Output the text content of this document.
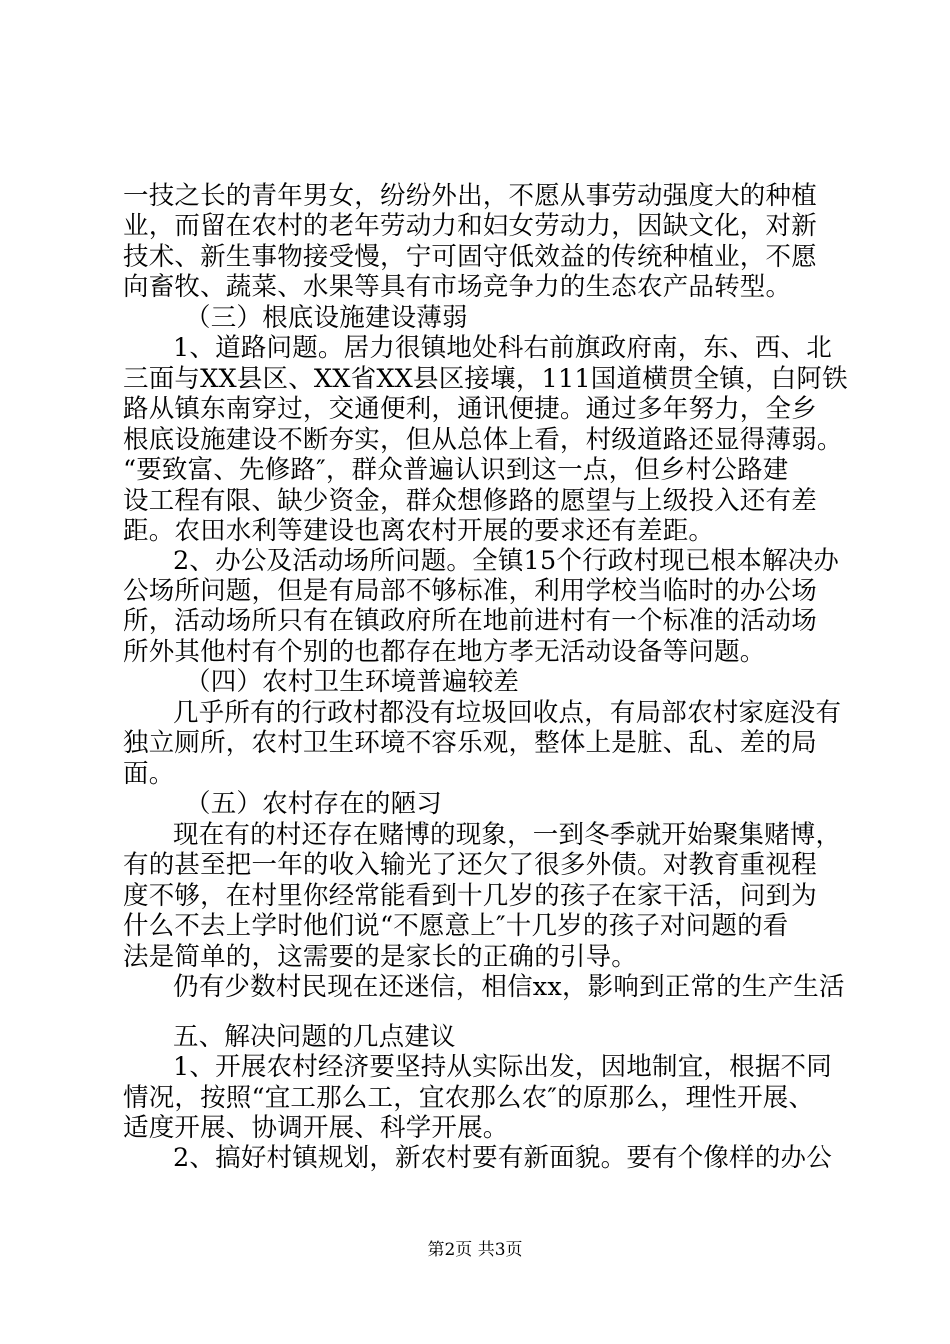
一技之长的青年男女，纷纷外出，不愿从事劳动强度大的种植
业，而留在农村的老年劳动力和妇女劳动力，因缺文化，对新
技术、新生事物接受慢，宁可固守低效益的传统种植业，不愿
向畜牧、蔬菜、水果等具有市场竞争力的生态农产品转型。
（三）根底设施建设薄弱
1、道路问题。居力很镇地处科右前旗政府南，东、西、北
三面与XX县区、XX省XX县区接壤，111国道横贯全镇，白阿铁
路从镇东南穿过，交通便利，通讯便捷。通过多年努力，全乡
根底设施建设不断夯实，但从总体上看，村级道路还显得薄弱。
“要致富、先修路″，群众普遍认识到这一点，但乡村公路建
设工程有限、缺少资金，群众想修路的愿望与上级投入还有差
距。农田水利等建设也离农村开展的要求还有差距。
2、办公及活动场所问题。全镇15个行政村现已根本解决办
公场所问题，但是有局部不够标准，利用学校当临时的办公场
所，活动场所只有在镇政府所在地前进村有一个标准的活动场
所外其他村有个别的也都存在地方孝无活动设备等问题。
（四）农村卫生环境普遍较差
几乎所有的行政村都没有垃圾回收点，有局部农村家庭没有
独立厕所，农村卫生环境不容乐观，整体上是脏、乱、差的局
面。
（五）农村存在的陋习
现在有的村还存在赌博的现象，一到冬季就开始聚集赌博，
有的甚至把一年的收入输光了还欠了很多外债。对教育重视程
度不够，在村里你经常能看到十几岁的孩子在家干活，问到为
什么不去上学时他们说“不愿意上″十几岁的孩子对问题的看
法是简单的，这需要的是家长的正确的引导。
仍有少数村民现在还迷信，相信xx，影响到正常的生产生活
五、解决问题的几点建议
1、开展农村经济要坚持从实际出发，因地制宜，根据不同
情况，按照“宜工那么工，宜农那么农″的原那么，理性开展、
适度开展、协调开展、科学开展。
2、搞好村镇规划，新农村要有新面貌。要有个像样的办公
第2页 共3页
